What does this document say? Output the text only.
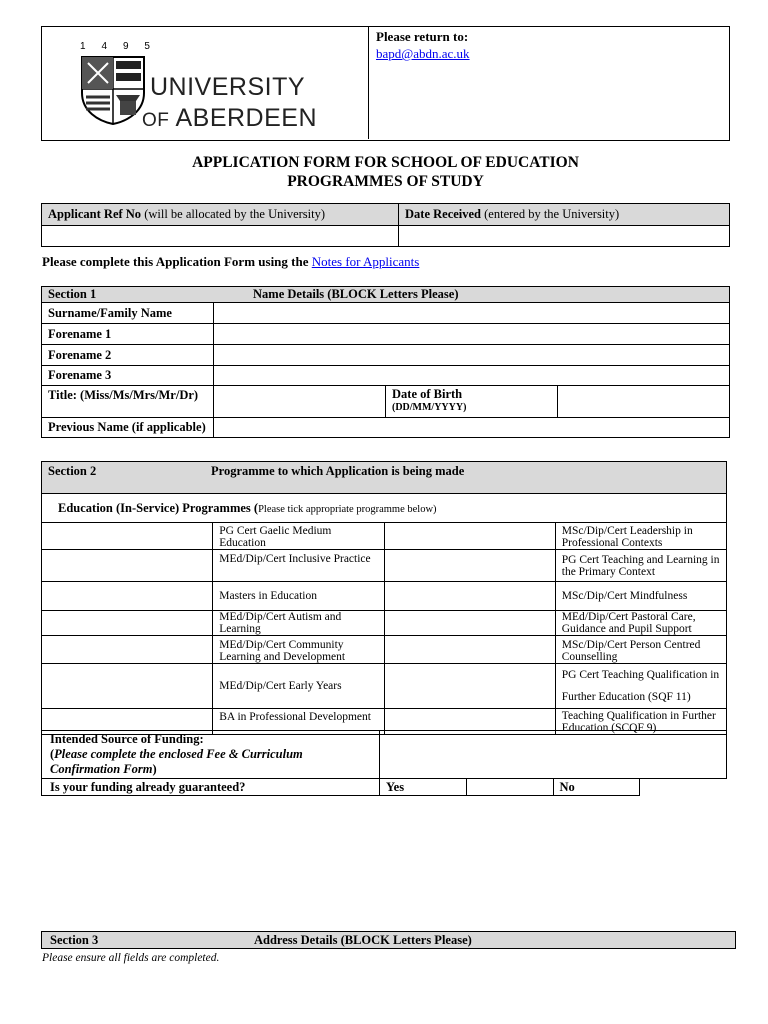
1 4 9 5
UNIVERSITY
OF ABERDEEN
Please return to:
bapd@abdn.ac.uk
APPLICATION FORM FOR SCHOOL OF EDUCATION
PROGRAMMES OF STUDY
Applicant Ref No (will be allocated by the University)	Date Received (entered by the University)

Please complete this Application Form using the Notes for Applicants
Section 1 Name Details (BLOCK Letters Please)			
Surname/Family Name			
Forename 1			
Forename 2			
Forename 3			
Title: (Miss/Ms/Mrs/Mr/Dr)		Date of Birth
(DD/MM/YYYY)	

Previous Name (if applicable)			
Section 2 Programme to which Application is being made			
Education (In-Service) Programmes (Please tick appropriate programme below)			
	PG Cert Gaelic Medium Education		MSc/Dip/Cert Leadership in Professional Contexts
	MEd/Dip/Cert Inclusive Practice		PG Cert Teaching and Learning in the Primary Context
	Masters in Education		MSc/Dip/Cert Mindfulness
	MEd/Dip/Cert Autism and Learning		MEd/Dip/Cert Pastoral Care, Guidance and Pupil Support
	MEd/Dip/Cert Community Learning and Development		MSc/Dip/Cert Person Centred Counselling
	MEd/Dip/Cert Early Years		PG Cert Teaching Qualification in Further Education (SQF 11)
	BA in Professional Development		Teaching Qualification in Further Education (SCQF 9)
Intended Source of Funding:
(Please complete the enclosed Fee & Curriculum Confirmation Form)			

Is your funding already guaranteed?	Yes		No
Section 3	Address Details (BLOCK Letters Please)
Please ensure all fields are completed.
